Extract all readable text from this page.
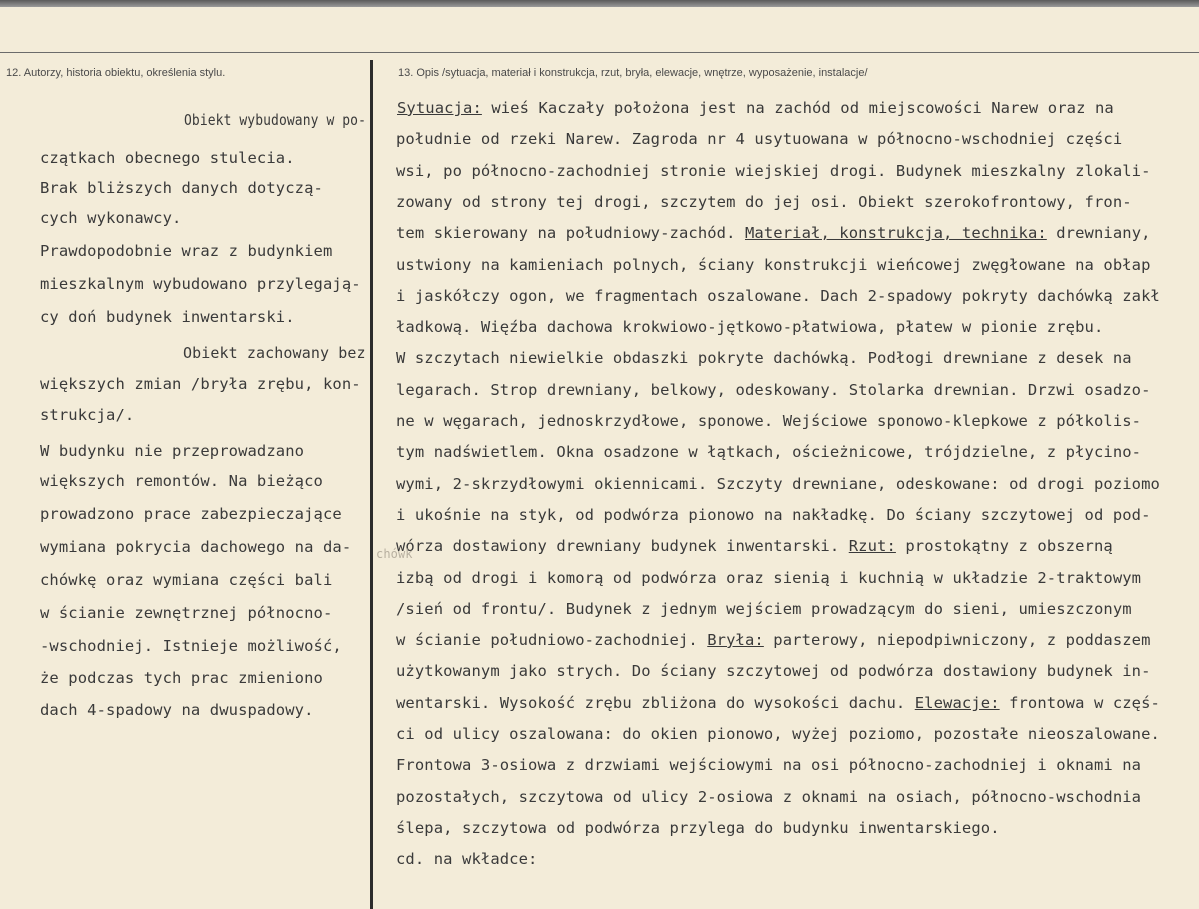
12. Autorzy, historia obiektu, określenia stylu.	13. Opis /sytuacja, materiał i konstrukcja, rzut, bryła, elewacje, wnętrze, wyposażenie, instalacje/
Obiekt wybudowany w po-
czątkach obecnego stulecia.
Brak bliższych danych dotyczą-
cych wykonawcy.
Prawdopodobnie wraz z budynkiem
mieszkalnym wybudowano przylegają-
cy doń budynek inwentarski.
Obiekt zachowany bez
większych zmian /bryła zrębu, kon-
strukcja/.
W budynku nie przeprowadzano
większych remontów. Na bieżąco
prowadzono prace zabezpieczające
wymiana pokrycia dachowego na da-
chówkę oraz wymiana części bali
w ścianie zewnętrznej północno-
-wschodniej. Istnieje możliwość,
że podczas tych prac zmieniono
dach 4-spadowy na dwuspadowy.
Sytuacja: wieś Kaczały położona jest na zachód od miejscowości Narew oraz na
południe od rzeki Narew. Zagroda nr 4 usytuowana w północno-wschodniej części
wsi, po północno-zachodniej stronie wiejskiej drogi. Budynek mieszkalny zlokali-
zowany od strony tej drogi, szczytem do jej osi. Obiekt szerokofrontowy, fron-
tem skierowany na południowy-zachód. Materiał, konstrukcja, technika: drewniany,
ustwiony na kamieniach polnych, ściany konstrukcji wieńcowej zwęgłowane na obłap
i jaskółczy ogon, we fragmentach oszalowane. Dach 2-spadowy pokryty dachówką zakł
ładkową. Więźba dachowa krokwiowo-jętkowo-płatwiowa, płatew w pionie zrębu.
W szczytach niewielkie obdaszki pokryte dachówką. Podłogi drewniane z desek na
legarach. Strop drewniany, belkowy, odeskowany. Stolarka drewnian. Drzwi osadzo-
ne w węgarach, jednoskrzydłowe, sponowe. Wejściowe sponowo-klepkowe z półkolis-
tym nadświetlem. Okna osadzone w łątkach, ościeżnicowe, trójdzielne, z płycino-
wymi, 2-skrzydłowymi okiennicami. Szczyty drewniane, odeskowane: od drogi poziomo
i ukośnie na styk, od podwórza pionowo na nakładkę. Do ściany szczytowej od pod-
wórza dostawiony drewniany budynek inwentarski. Rzut: prostokątny z obszerną
izbą od drogi i komorą od podwórza oraz sienią i kuchnią w układzie 2-traktowym
/sień od frontu/. Budynek z jednym wejściem prowadzącym do sieni, umieszczonym
w ścianie południowo-zachodniej. Bryła: parterowy, niepodpiwniczony, z poddaszem
użytkowanym jako strych. Do ściany szczytowej od podwórza dostawiony budynek in-
wentarski. Wysokość zrębu zbliżona do wysokości dachu. Elewacje: frontowa w częś-
ci od ulicy oszalowana: do okien pionowo, wyżej poziomo, pozostałe nieoszalowane.
Frontowa 3-osiowa z drzwiami wejściowymi na osi północno-zachodniej i oknami na
pozostałych, szczytowa od ulicy 2-osiowa z oknami na osiach, północno-wschodnia
ślepa, szczytowa od podwórza przylega do budynku inwentarskiego.
cd. na wkładce:
chówk
